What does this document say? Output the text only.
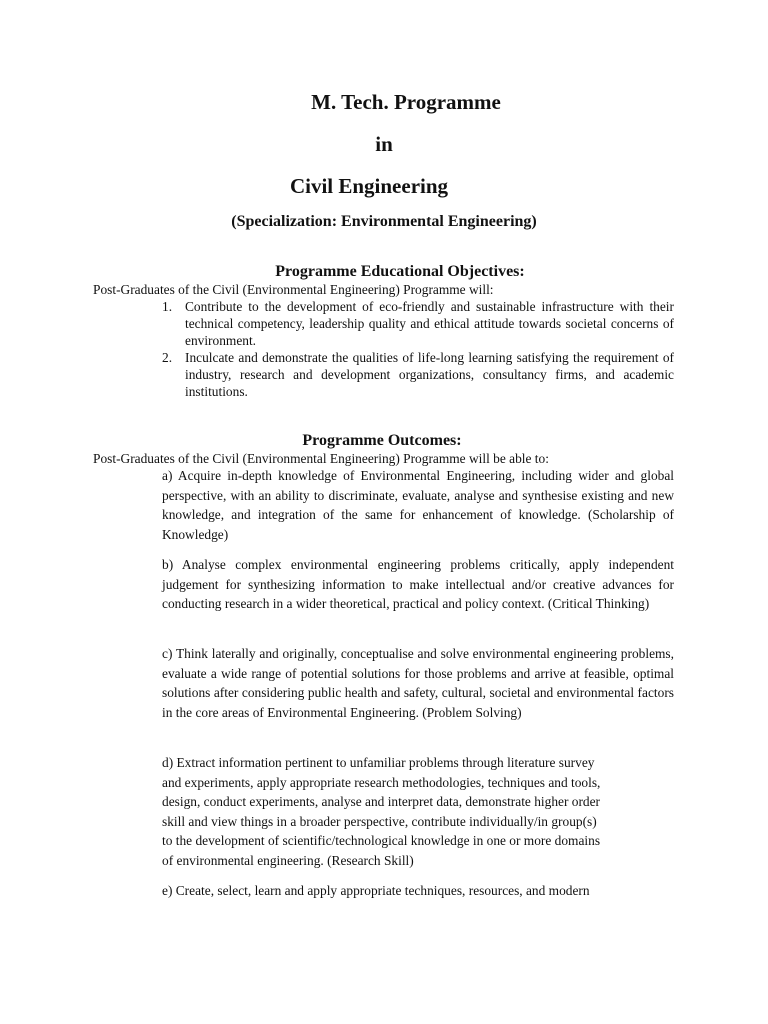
M. Tech. Programme
in
Civil Engineering
(Specialization: Environmental Engineering)
Programme Educational Objectives:
Post-Graduates of the Civil (Environmental Engineering) Programme will:
1. Contribute to the development of eco-friendly and sustainable infrastructure with their technical competency, leadership quality and ethical attitude towards societal concerns of environment.
2. Inculcate and demonstrate the qualities of life-long learning satisfying the requirement of industry, research and development organizations, consultancy firms, and academic institutions.
Programme Outcomes:
Post-Graduates of the Civil (Environmental Engineering) Programme will be able to:
a) Acquire in-depth knowledge of Environmental Engineering, including wider and global perspective, with an ability to discriminate, evaluate, analyse and synthesise existing and new knowledge, and integration of the same for enhancement of knowledge. (Scholarship of Knowledge)
b) Analyse complex environmental engineering problems critically, apply independent judgement for synthesizing information to make intellectual and/or creative advances for conducting research in a wider theoretical, practical and policy context. (Critical Thinking)
c) Think laterally and originally, conceptualise and solve environmental engineering problems, evaluate a wide range of potential solutions for those problems and arrive at feasible, optimal solutions after considering public health and safety, cultural, societal and environmental factors in the core areas of Environmental Engineering. (Problem Solving)

d) Extract information pertinent to unfamiliar problems through literature survey

and experiments, apply appropriate research methodologies, techniques and tools,

design, conduct experiments, analyse and interpret data, demonstrate higher order

skill and view things in a broader perspective, contribute individually/in group(s)

to the development of scientific/technological knowledge in one or more domains

of environmental engineering. (Research Skill)

e) Create, select, learn and apply appropriate techniques, resources, and modern
